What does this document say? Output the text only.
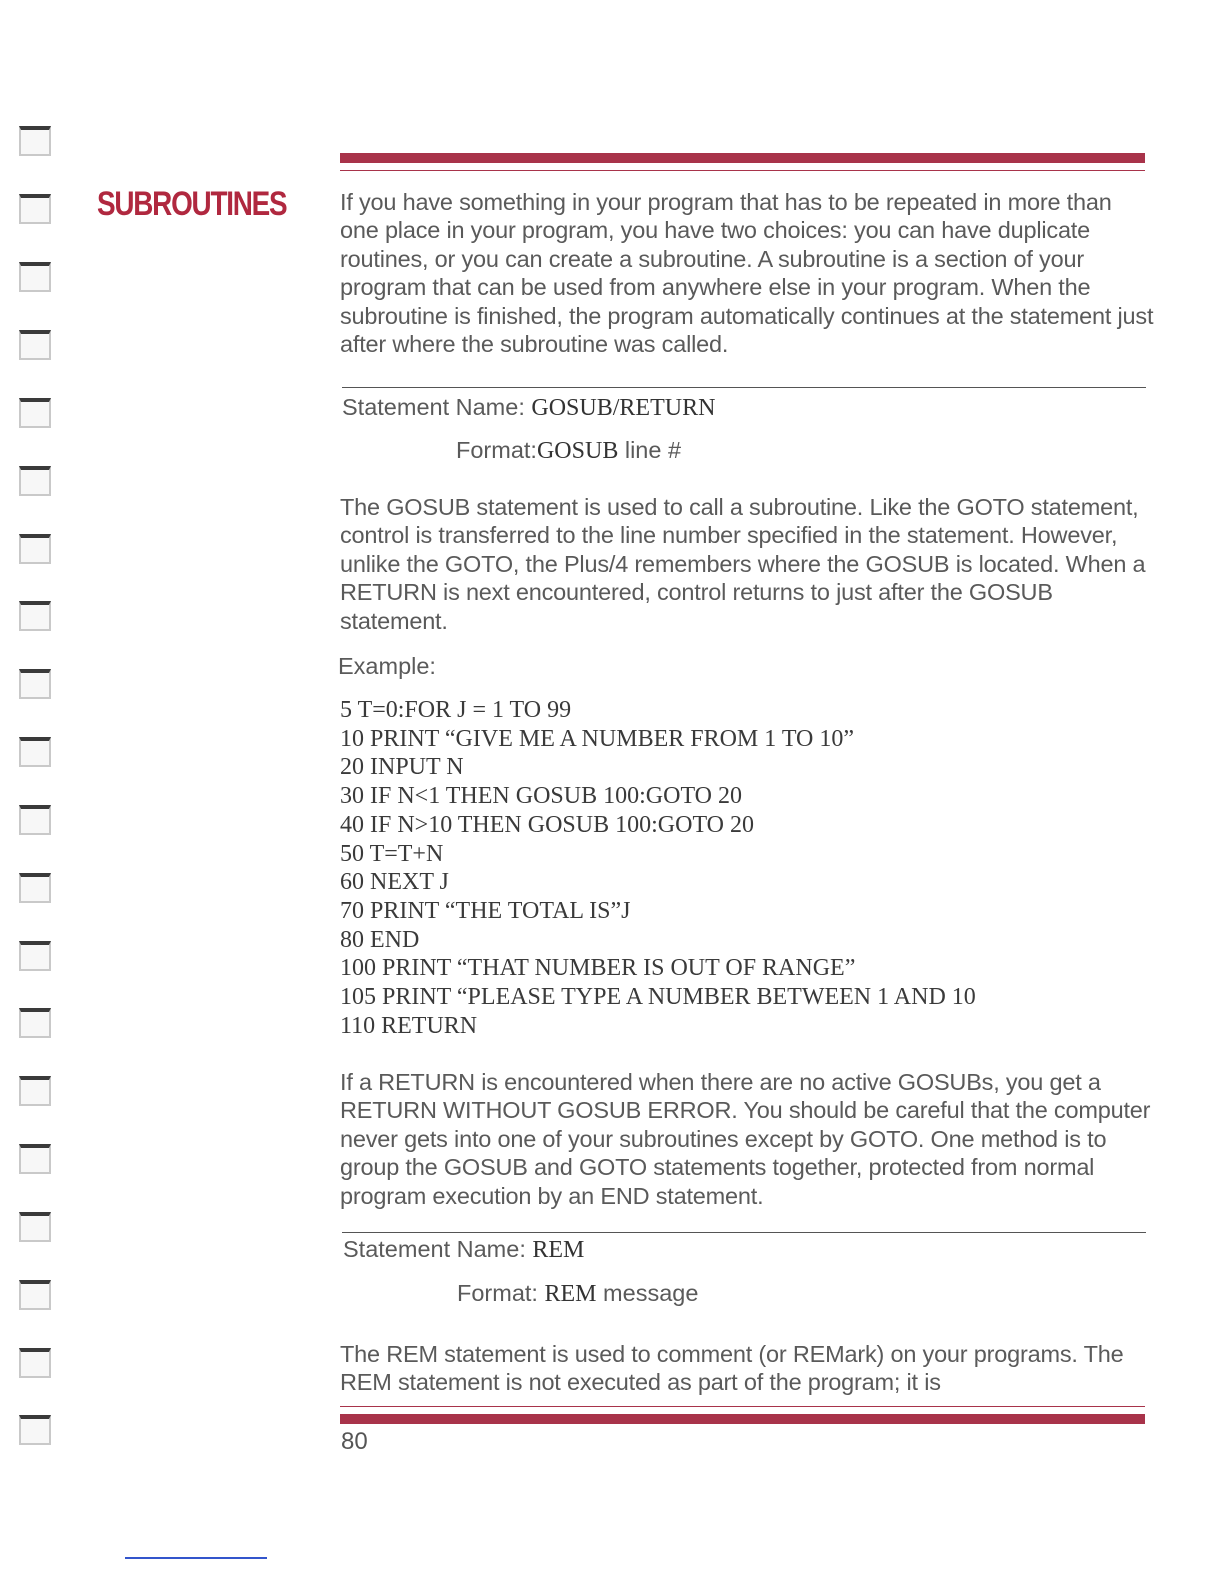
SUBROUTINES If you have something in your program that has to be repeated in more than one place in your program, you have two choices: you can have duplicate routines, or you can create a subroutine. A subroutine is a section of your program that can be used from anywhere else in your program. When the subroutine is finished, the program automatically continues at the statement just after where the subroutine was called.
Statement Name: GOSUB/RETURN
Format:GOSUB line #
The GOSUB statement is used to call a subroutine. Like the GOTO statement, control is transferred to the line number specified in the statement. However, unlike the GOTO, the Plus/4 remembers where the GOSUB is located. When a RETURN is next encountered, control returns to just after the GOSUB statement.
Example:
5 T=0:FOR J = 1 TO 99
10 PRINT “GIVE ME A NUMBER FROM 1 TO 10”
20 INPUT N
30 IF N<1 THEN GOSUB 100:GOTO 20
40 IF N>10 THEN GOSUB 100:GOTO 20
50 T=T+N
60 NEXT J
70 PRINT “THE TOTAL IS”J
80 END
100 PRINT “THAT NUMBER IS OUT OF RANGE”
105 PRINT “PLEASE TYPE A NUMBER BETWEEN 1 AND 10
110 RETURN
If a RETURN is encountered when there are no active GOSUBs, you get a RETURN WITHOUT GOSUB ERROR. You should be careful that the computer never gets into one of your subroutines except by GOTO. One method is to group the GOSUB and GOTO statements together, protected from normal program execution by an END statement.
Statement Name: REM
Format: REM message
The REM statement is used to comment (or REMark) on your programs. The REM statement is not executed as part of the program; it is
80
